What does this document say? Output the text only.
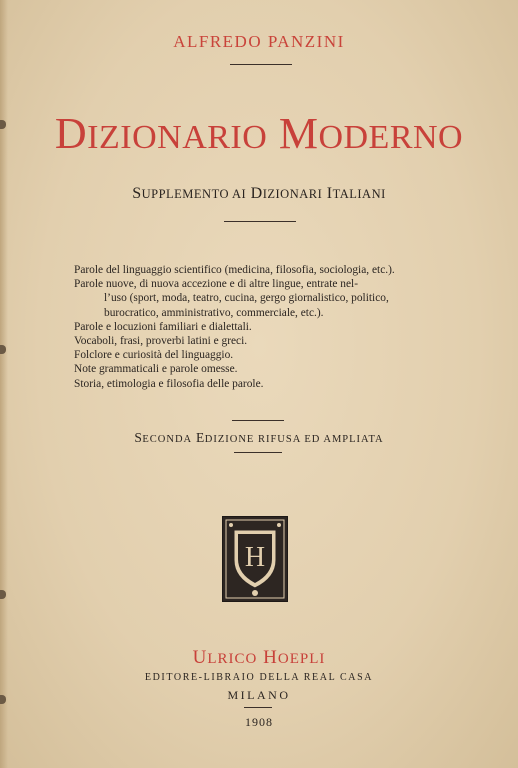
ALFREDO PANZINI
DIZIONARIO MODERNO
SUPPLEMENTO AI DIZIONARI ITALIANI
Parole del linguaggio scientifico (medicina, filosofia, sociologia, etc.).
Parole nuove, di nuova accezione e di altre lingue, entrate nel-
l’uso (sport, moda, teatro, cucina, gergo giornalistico, politico,
burocratico, amministrativo, commerciale, etc.).
Parole e locuzioni familiari e dialettali.
Vocaboli, frasi, proverbi latini e greci.
Folclore e curiosità del linguaggio.
Note grammaticali e parole omesse.
Storia, etimologia e filosofia delle parole.
SECONDA EDIZIONE RIFUSA ED AMPLIATA
H
ULRICO HOEPLI
EDITORE-LIBRAIO DELLA REAL CASA
MILANO
1908
